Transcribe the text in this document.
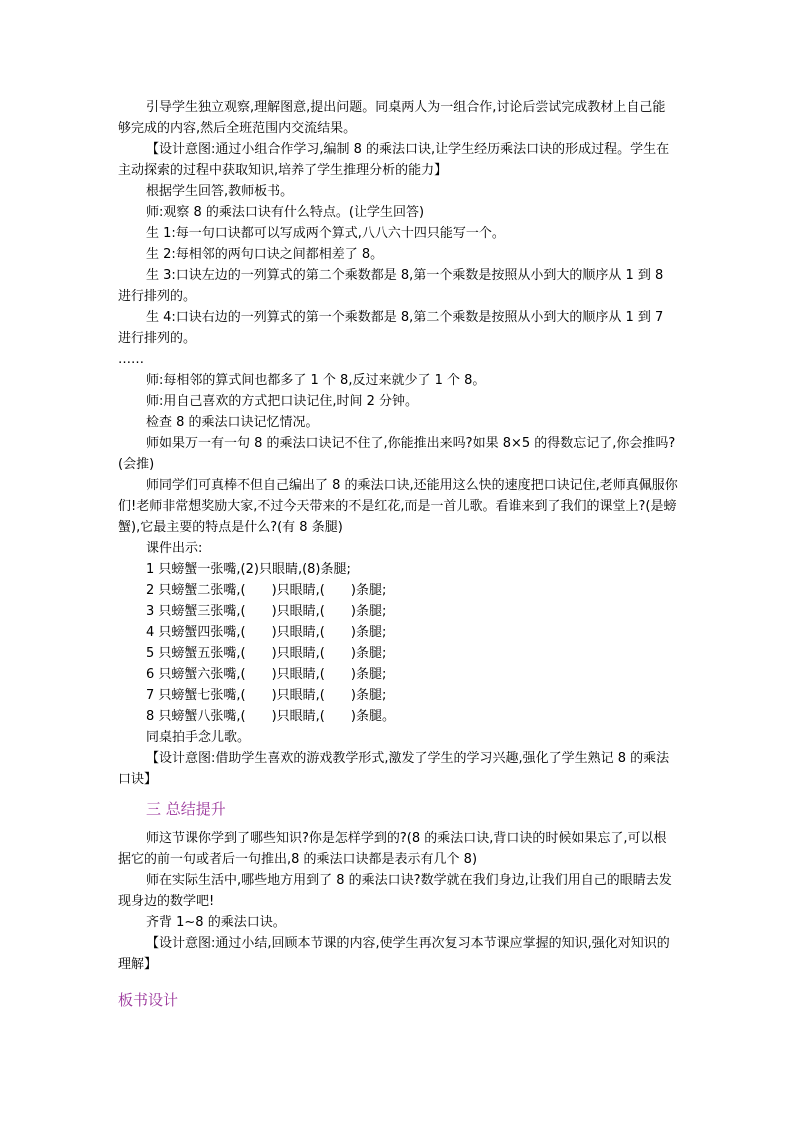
引导学生独立观察,理解图意,提出问题。同桌两人为一组合作,讨论后尝试完成教材上自己能够完成的内容,然后全班范围内交流结果。

【设计意图:通过小组合作学习,编制 8 的乘法口诀,让学生经历乘法口诀的形成过程。学生在主动探索的过程中获取知识,培养了学生推理分析的能力】

根据学生回答,教师板书。

师:观察 8 的乘法口诀有什么特点。(让学生回答)

生 1:每一句口诀都可以写成两个算式,八八六十四只能写一个。

生 2:每相邻的两句口诀之间都相差了 8。

生 3:口诀左边的一列算式的第二个乘数都是 8,第一个乘数是按照从小到大的顺序从 1 到 8 进行排列的。

生 4:口诀右边的一列算式的第一个乘数都是 8,第二个乘数是按照从小到大的顺序从 1 到 7 进行排列的。

……

师:每相邻的算式间也都多了 1 个 8,反过来就少了 1 个 8。

师:用自己喜欢的方式把口诀记住,时间 2 分钟。

检查 8 的乘法口诀记忆情况。

师如果万一有一句 8 的乘法口诀记不住了,你能推出来吗?如果 8×5 的得数忘记了,你会推吗?(会推)

师同学们可真棒不但自己编出了 8 的乘法口诀,还能用这么快的速度把口诀记住,老师真佩服你们!老师非常想奖励大家,不过今天带来的不是红花,而是一首儿歌。看谁来到了我们的课堂上?(是螃蟹),它最主要的特点是什么?(有 8 条腿)

课件出示:

1 只螃蟹一张嘴,(2)只眼睛,(8)条腿;

2 只螃蟹二张嘴,(　　)只眼睛,(　　)条腿;

3 只螃蟹三张嘴,(　　)只眼睛,(　　)条腿;

4 只螃蟹四张嘴,(　　)只眼睛,(　　)条腿;

5 只螃蟹五张嘴,(　　)只眼睛,(　　)条腿;

6 只螃蟹六张嘴,(　　)只眼睛,(　　)条腿;

7 只螃蟹七张嘴,(　　)只眼睛,(　　)条腿;

8 只螃蟹八张嘴,(　　)只眼睛,(　　)条腿。

同桌拍手念儿歌。

【设计意图:借助学生喜欢的游戏教学形式,激发了学生的学习兴趣,强化了学生熟记 8 的乘法口诀】

三 总结提升

师这节课你学到了哪些知识?你是怎样学到的?(8 的乘法口诀,背口诀的时候如果忘了,可以根据它的前一句或者后一句推出,8 的乘法口诀都是表示有几个 8)

师在实际生活中,哪些地方用到了 8 的乘法口诀?数学就在我们身边,让我们用自己的眼睛去发现身边的数学吧!

齐背 1~8 的乘法口诀。

【设计意图:通过小结,回顾本节课的内容,使学生再次复习本节课应掌握的知识,强化对知识的理解】

板书设计
